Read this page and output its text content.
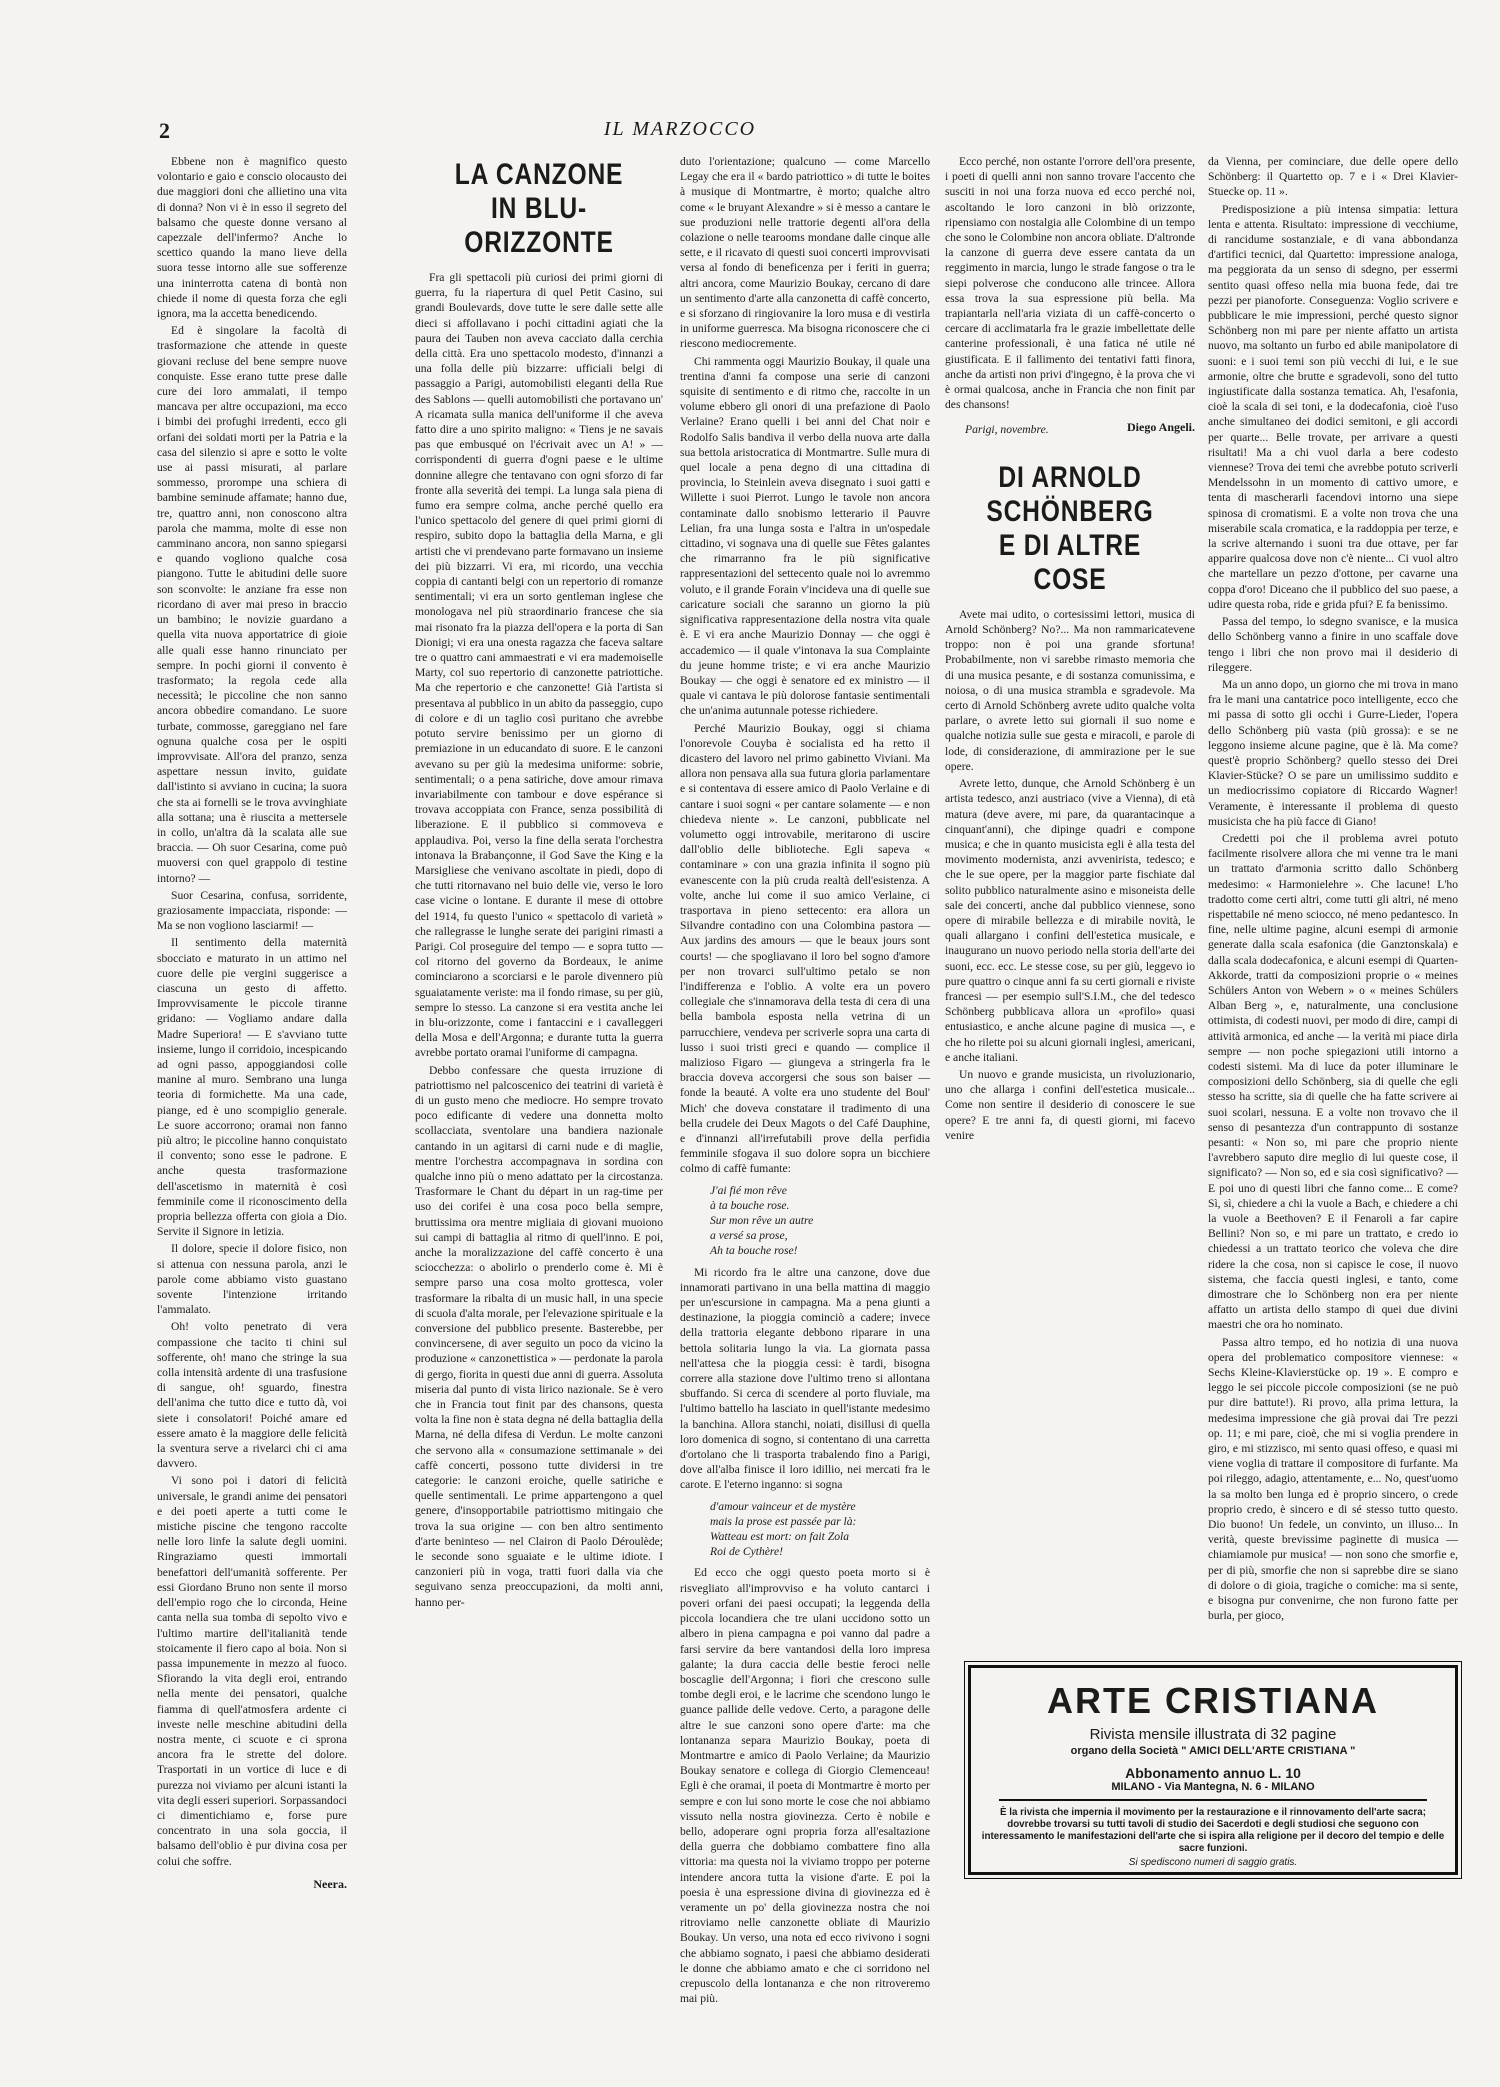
2	IL MARZOCCO

Ebbene non è magnifico questo volontario e gaio e conscio olocausto dei due maggiori doni che allietino una vita di donna? Non vi è in esso il segreto del balsamo che queste donne versano al capezzale dell'infermo? Anche lo scettico quando la mano lieve della suora tesse intorno alle sue sofferenze una ininterrotta catena di bontà non chiede il nome di questa forza che egli ignora, ma la accetta benedicendo.

Ed è singolare la facoltà di trasformazione che attende in queste giovani recluse del bene sempre nuove conquiste. Esse erano tutte prese dalle cure dei loro ammalati, il tempo mancava per altre occupazioni, ma ecco i bimbi dei profughi irredenti, ecco gli orfani dei soldati morti per la Patria e la casa del silenzio si apre e sotto le volte use ai passi misurati, al parlare sommesso, prorompe una schiera di bambine seminude affamate; hanno due, tre, quattro anni, non conoscono altra parola che mamma, molte di esse non camminano ancora, non sanno spiegarsi e quando vogliono qualche cosa piangono. Tutte le abitudini delle suore son sconvolte: le anziane fra esse non ricordano di aver mai preso in braccio un bambino; le novizie guardano a quella vita nuova apportatrice di gioie alle quali esse hanno rinunciato per sempre. In pochi giorni il convento è trasformato; la regola cede alla necessità; le piccoline che non sanno ancora obbedire comandano. Le suore turbate, commosse, gareggiano nel fare ognuna qualche cosa per le ospiti improvvisate. All'ora del pranzo, senza aspettare nessun invito, guidate dall'istinto si avviano in cucina; la suora che sta ai fornelli se le trova avvinghiate alla sottana; una è riuscita a mettersele in collo, un'altra dà la scalata alle sue braccia. — Oh suor Cesarina, come può muoversi con quel grappolo di testine intorno? —

Suor Cesarina, confusa, sorridente, graziosamente impacciata, risponde: — Ma se non vogliono lasciarmi! —

Il sentimento della maternità sbocciato e maturato in un attimo nel cuore delle pie vergini suggerisce a ciascuna un gesto di affetto. Improvvisamente le piccole tiranne gridano: — Vogliamo andare dalla Madre Superiora! — E s'avviano tutte insieme, lungo il corridoio, incespicando ad ogni passo, appoggiandosi colle manine al muro. Sembrano una lunga teoria di formichette. Ma una cade, piange, ed è uno scompiglio generale. Le suore accorrono; oramai non fanno più altro; le piccoline hanno conquistato il convento; sono esse le padrone. E anche questa trasformazione dell'ascetismo in maternità è così femminile come il riconoscimento della propria bellezza offerta con gioia a Dio. Servite il Signore in letizia.

Il dolore, specie il dolore fisico, non si attenua con nessuna parola, anzi le parole come abbiamo visto guastano sovente l'intenzione irritando l'ammalato.

Oh! volto penetrato di vera compassione che tacito ti chini sul sofferente, oh! mano che stringe la sua colla intensità ardente di una trasfusione di sangue, oh! sguardo, finestra dell'anima che tutto dice e tutto dà, voi siete i consolatori! Poiché amare ed essere amato è la maggiore delle felicità la sventura serve a rivelarci chi ci ama davvero.

Vi sono poi i datori di felicità universale, le grandi anime dei pensatori e dei poeti aperte a tutti come le mistiche piscine che tengono raccolte nelle loro linfe la salute degli uomini. Ringraziamo questi immortali benefattori dell'umanità sofferente. Per essi Giordano Bruno non sente il morso dell'empio rogo che lo circonda, Heine canta nella sua tomba di sepolto vivo e l'ultimo martire dell'italianità tende stoicamente il fiero capo al boia. Non si passa impunemente in mezzo al fuoco. Sfiorando la vita degli eroi, entrando nella mente dei pensatori, qualche fiamma di quell'atmosfera ardente ci investe nelle meschine abitudini della nostra mente, ci scuote e ci sprona ancora fra le strette del dolore. Trasportati in un vortice di luce e di purezza noi viviamo per alcuni istanti la vita degli esseri superiori. Sorpassandoci ci dimentichiamo e, forse pure concentrato in una sola goccia, il balsamo dell'oblio è pur divina cosa per colui che soffre.

Neera.
LA CANZONE
IN BLU-ORIZZONTE

Fra gli spettacoli più curiosi dei primi giorni di guerra, fu la riapertura di quel Petit Casino, sui grandi Boulevards, dove tutte le sere dalle sette alle dieci si affollavano i pochi cittadini agiati che la paura dei Tauben non aveva cacciato dalla cerchia della città. Era uno spettacolo modesto, d'innanzi a una folla delle più bizzarre: ufficiali belgi di passaggio a Parigi, automobilisti eleganti della Rue des Sablons — quelli automobilisti che portavano un' A ricamata sulla manica dell'uniforme il che aveva fatto dire a uno spirito maligno: « Tiens je ne savais pas que embusqué on l'écrivait avec un A! » — corrispondenti di guerra d'ogni paese e le ultime donnine allegre che tentavano con ogni sforzo di far fronte alla severità dei tempi. La lunga sala piena di fumo era sempre colma, anche perché quello era l'unico spettacolo del genere di quei primi giorni di respiro, subito dopo la battaglia della Marna, e gli artisti che vi prendevano parte formavano un insieme dei più bizzarri. Vi era, mi ricordo, una vecchia coppia di cantanti belgi con un repertorio di romanze sentimentali; vi era un sorto gentleman inglese che monologava nel più straordinario francese che sia mai risonato fra la piazza dell'opera e la porta di San Dionigi; vi era una onesta ragazza che faceva saltare tre o quattro cani ammaestrati e vi era mademoiselle Marty, col suo repertorio di canzonette patriottiche. Ma che repertorio e che canzonette! Già l'artista si presentava al pubblico in un abito da passeggio, cupo di colore e di un taglio così puritano che avrebbe potuto servire benissimo per un giorno di premiazione in un educandato di suore. E le canzoni avevano su per giù la medesima uniforme: sobrie, sentimentali; o a pena satiriche, dove amour rimava invariabilmente con tambour e dove espérance si trovava accoppiata con France, senza possibilità di liberazione. E il pubblico si commoveva e applaudiva. Poi, verso la fine della serata l'orchestra intonava la Brabançonne, il God Save the King e la Marsigliese che venivano ascoltate in piedi, dopo di che tutti ritornavano nel buio delle vie, verso le loro case vicine o lontane. E durante il mese di ottobre del 1914, fu questo l'unico « spettacolo di varietà » che rallegrasse le lunghe serate dei parigini rimasti a Parigi. Col proseguire del tempo — e sopra tutto — col ritorno del governo da Bordeaux, le anime cominciarono a scorciarsi e le parole divennero più sguaiatamente veriste: ma il fondo rimase, su per giù, sempre lo stesso. La canzone si era vestita anche lei in blu-orizzonte, come i fantaccini e i cavalleggeri della Mosa e dell'Argonna; e durante tutta la guerra avrebbe portato oramai l'uniforme di campagna.

Debbo confessare che questa irruzione di patriottismo nel palcoscenico dei teatrini di varietà è di un gusto meno che mediocre. Ho sempre trovato poco edificante di vedere una donnetta molto scollacciata, sventolare una bandiera nazionale cantando in un agitarsi di carni nude e di maglie, mentre l'orchestra accompagnava in sordina con qualche inno più o meno adattato per la circostanza. Trasformare le Chant du départ in un rag-time per uso dei corifei è una cosa poco bella sempre, bruttissima ora mentre migliaia di giovani muoiono sui campi di battaglia al ritmo di quell'inno. E poi, anche la moralizzazione del caffè concerto è una sciocchezza: o abolirlo o prenderlo come è. Mi è sempre parso una cosa molto grottesca, voler trasformare la ribalta di un music hall, in una specie di scuola d'alta morale, per l'elevazione spirituale e la conversione del pubblico presente. Basterebbe, per convincersene, di aver seguito un poco da vicino la produzione « canzonettistica » — perdonate la parola di gergo, fiorita in questi due anni di guerra. Assoluta miseria dal punto di vista lirico nazionale. Se è vero che in Francia tout finit par des chansons, questa volta la fine non è stata degna né della battaglia della Marna, né della difesa di Verdun. Le molte canzoni che servono alla « consumazione settimanale » dei caffè concerti, possono tutte dividersi in tre categorie: le canzoni eroiche, quelle satiriche e quelle sentimentali. Le prime appartengono a quel genere, d'insopportabile patriottismo mitingaio che trova la sua origine — con ben altro sentimento d'arte beninteso — nel Clairon di Paolo Déroulède; le seconde sono sguaiate e le ultime idiote. I canzonieri più in voga, tratti fuori dalla via che seguivano senza preoccupazioni, da molti anni, hanno per-

duto l'orientazione; qualcuno — come Marcello Legay che era il « bardo patriottico » di tutte le boites à musique di Montmartre, è morto; qualche altro come « le bruyant Alexandre » si è messo a cantare le sue produzioni nelle trattorie degenti all'ora della colazione o nelle tearooms mondane dalle cinque alle sette, e il ricavato di questi suoi concerti improvvisati versa al fondo di beneficenza per i feriti in guerra; altri ancora, come Maurizio Boukay, cercano di dare un sentimento d'arte alla canzonetta di caffè concerto, e si sforzano di ringiovanire la loro musa e di vestirla in uniforme guerresca. Ma bisogna riconoscere che ci riescono mediocremente.

Chi rammenta oggi Maurizio Boukay, il quale una trentina d'anni fa compose una serie di canzoni squisite di sentimento e di ritmo che, raccolte in un volume ebbero gli onori di una prefazione di Paolo Verlaine? Erano quelli i bei anni del Chat noir e Rodolfo Salis bandiva il verbo della nuova arte dalla sua bettola aristocratica di Montmartre. Sulle mura di quel locale a pena degno di una cittadina di provincia, lo Steinlein aveva disegnato i suoi gatti e Willette i suoi Pierrot. Lungo le tavole non ancora contaminate dallo snobismo letterario il Pauvre Lelian, fra una lunga sosta e l'altra in un'ospedale cittadino, vi sognava una di quelle sue Fêtes galantes che rimarranno fra le più significative rappresentazioni del settecento quale noi lo avremmo voluto, e il grande Forain v'incideva una di quelle sue caricature sociali che saranno un giorno la più significativa rappresentazione della nostra vita quale è. E vi era anche Maurizio Donnay — che oggi è accademico — il quale v'intonava la sua Complainte du jeune homme triste; e vi era anche Maurizio Boukay — che oggi è senatore ed ex ministro — il quale vi cantava le più dolorose fantasie sentimentali che un'anima autunnale potesse richiedere.

Perché Maurizio Boukay, oggi si chiama l'onorevole Couyba è socialista ed ha retto il dicastero del lavoro nel primo gabinetto Viviani. Ma allora non pensava alla sua futura gloria parlamentare e si contentava di essere amico di Paolo Verlaine e di cantare i suoi sogni « per cantare solamente — e non chiedeva niente ». Le canzoni, pubblicate nel volumetto oggi introvabile, meritarono di uscire dall'oblio delle biblioteche. Egli sapeva « contaminare » con una grazia infinita il sogno più evanescente con la più cruda realtà dell'esistenza. A volte, anche lui come il suo amico Verlaine, ci trasportava in pieno settecento: era allora un Silvandre contadino con una Colombina pastora — Aux jardins des amours — que le beaux jours sont courts! — che spogliavano il loro bel sogno d'amore per non trovarci sull'ultimo petalo se non l'indifferenza e l'oblio. A volte era un povero collegiale che s'innamorava della testa di cera di una bella bambola esposta nella vetrina di un parrucchiere, vendeva per scriverle sopra una carta di lusso i suoi tristi greci e quando — complice il malizioso Figaro — giungeva a stringerla fra le braccia doveva accorgersi che sous son baiser — fonde la beauté. A volte era uno studente del Boul' Mich' che doveva constatare il tradimento di una bella crudele dei Deux Magots o del Café Dauphine, e d'innanzi all'irrefutabili prove della perfidia femminile sfogava il suo dolore sopra un bicchiere colmo di caffè fumante:

J'ai fié mon rêve
à ta bouche rose.
Sur mon rêve un autre
a versé sa prose,
Ah ta bouche rose!

Mi ricordo fra le altre una canzone, dove due innamorati partivano in una bella mattina di maggio per un'escursione in campagna. Ma a pena giunti a destinazione, la pioggia cominciò a cadere; invece della trattoria elegante debbono riparare in una bettola solitaria lungo la via. La giornata passa nell'attesa che la pioggia cessi: è tardi, bisogna correre alla stazione dove l'ultimo treno si allontana sbuffando. Si cerca di scendere al porto fluviale, ma l'ultimo battello ha lasciato in quell'istante medesimo la banchina. Allora stanchi, noiati, disillusi di quella loro domenica di sogno, si contentano di una carretta d'ortolano che li trasporta trabalendo fino a Parigi, dove all'alba finisce il loro idillio, nei mercati fra le carote. E l'eterno inganno: si sogna

d'amour vainceur et de mystère
mais la prose est passée par là:
Watteau est mort: on fait Zola
Roi de Cythère!

Ed ecco che oggi questo poeta morto si è risvegliato all'improvviso e ha voluto cantarci i poveri orfani dei paesi occupati; la leggenda della piccola locandiera che tre ulani uccidono sotto un albero in piena campagna e poi vanno dal padre a farsi servire da bere vantandosi della loro impresa galante; la dura caccia delle bestie feroci nelle boscaglie dell'Argonna; i fiori che crescono sulle tombe degli eroi, e le lacrime che scendono lungo le guance pallide delle vedove. Certo, a paragone delle altre le sue canzoni sono opere d'arte: ma che lontananza separa Maurizio Boukay, poeta di Montmartre e amico di Paolo Verlaine; da Maurizio Boukay senatore e collega di Giorgio Clemenceau! Egli è che oramai, il poeta di Montmartre è morto per sempre e con lui sono morte le cose che noi abbiamo vissuto nella nostra giovinezza. Certo è nobile e bello, adoperare ogni propria forza all'esaltazione della guerra che dobbiamo combattere fino alla vittoria: ma questa noi la viviamo troppo per poterne intendere ancora tutta la visione d'arte. E poi la poesia è una espressione divina di giovinezza ed è veramente un po' della giovinezza nostra che noi ritroviamo nelle canzonette obliate di Maurizio Boukay. Un verso, una nota ed ecco rivivono i sogni che abbiamo sognato, i paesi che abbiamo desiderati le donne che abbiamo amato e che ci sorridono nel crepuscolo della lontananza e che non ritroveremo mai più.

Ecco perché, non ostante l'orrore dell'ora presente, i poeti di quelli anni non sanno trovare l'accento che susciti in noi una forza nuova ed ecco perché noi, ascoltando le loro canzoni in blò orizzonte, ripensiamo con nostalgia alle Colombine di un tempo che sono le Colombine non ancora obliate. D'altronde la canzone di guerra deve essere cantata da un reggimento in marcia, lungo le strade fangose o tra le siepi polverose che conducono alle trincee. Allora essa trova la sua espressione più bella. Ma trapiantarla nell'aria viziata di un caffè-concerto o cercare di acclimatarla fra le grazie imbellettate delle canterine professionali, è una fatica né utile né giustificata. E il fallimento dei tentativi fatti finora, anche da artisti non privi d'ingegno, è la prova che vi è ormai qualcosa, anche in Francia che non finit par des chansons!

Diego Angeli.
Parigi, novembre.
DI ARNOLD SCHÖNBERG
E DI ALTRE COSE

Avete mai udito, o cortesissimi lettori, musica di Arnold Schönberg? No?... Ma non rammaricatevene troppo: non è poi una grande sfortuna! Probabilmente, non vi sarebbe rimasto memoria che di una musica pesante, e di sostanza comunissima, e noiosa, o di una musica strambla e sgradevole. Ma certo di Arnold Schönberg avrete udito qualche volta parlare, o avrete letto sui giornali il suo nome e qualche notizia sulle sue gesta e miracoli, e parole di lode, di considerazione, di ammirazione per le sue opere.

Avrete letto, dunque, che Arnold Schönberg è un artista tedesco, anzi austriaco (vive a Vienna), di età matura (deve avere, mi pare, da quarantacinque a cinquant'anni), che dipinge quadri e compone musica; e che in quanto musicista egli è alla testa del movimento modernista, anzi avvenirista, tedesco; e che le sue opere, per la maggior parte fischiate dal solito pubblico naturalmente asino e misoneista delle sale dei concerti, anche dal pubblico viennese, sono opere di mirabile bellezza e di mirabile novità, le quali allargano i confini dell'estetica musicale, e inaugurano un nuovo periodo nella storia dell'arte dei suoni, ecc. ecc. Le stesse cose, su per giù, leggevo io pure quattro o cinque anni fa su certi giornali e riviste francesi — per esempio sull'S.I.M., che del tedesco Schönberg pubblicava allora un «profilo» quasi entusiastico, e anche alcune pagine di musica —, e che ho rilette poi su alcuni giornali inglesi, americani, e anche italiani.

Un nuovo e grande musicista, un rivoluzionario, uno che allarga i confini dell'estetica musicale... Come non sentire il desiderio di conoscere le sue opere? E tre anni fa, di questi giorni, mi facevo venire

da Vienna, per cominciare, due delle opere dello Schönberg: il Quartetto op. 7 e i « Drei Klavier-Stuecke op. 11 ».

Predisposizione a più intensa simpatia: lettura lenta e attenta. Risultato: impressione di vecchiume, di rancidume sostanziale, e di vana abbondanza d'artifici tecnici, dal Quartetto: impressione analoga, ma peggiorata da un senso di sdegno, per essermi sentito quasi offeso nella mia buona fede, dai tre pezzi per pianoforte. Conseguenza: Voglio scrivere e pubblicare le mie impressioni, perché questo signor Schönberg non mi pare per niente affatto un artista nuovo, ma soltanto un furbo ed abile manipolatore di suoni: e i suoi temi son più vecchi di lui, e le sue armonie, oltre che brutte e sgradevoli, sono del tutto ingiustificate dalla sostanza tematica. Ah, l'esafonia, cioè la scala di sei toni, e la dodecafonia, cioè l'uso anche simultaneo dei dodici semitoni, e gli accordi per quarte... Belle trovate, per arrivare a questi risultati! Ma a chi vuol darla a bere codesto viennese? Trova dei temi che avrebbe potuto scriverli Mendelssohn in un momento di cattivo umore, e tenta di mascherarli facendovi intorno una siepe spinosa di cromatismi. E a volte non trova che una miserabile scala cromatica, e la raddoppia per terze, e la scrive alternando i suoni tra due ottave, per far apparire qualcosa dove non c'è niente... Ci vuol altro che martellare un pezzo d'ottone, per cavarne una coppa d'oro! Diceano che il pubblico del suo paese, a udire questa roba, ride e grida pfui? E fa benissimo.

Passa del tempo, lo sdegno svanisce, e la musica dello Schönberg vanno a finire in uno scaffale dove tengo i libri che non provo mai il desiderio di rileggere.

Ma un anno dopo, un giorno che mi trova in mano fra le mani una cantatrice poco intelligente, ecco che mi passa di sotto gli occhi i Gurre-Lieder, l'opera dello Schönberg più vasta (più grossa): e se ne leggono insieme alcune pagine, que è là. Ma come? quest'è proprio Schönberg? quello stesso dei Drei Klavier-Stücke? O se pare un umilissimo suddito e un mediocrissimo copiatore di Riccardo Wagner! Veramente, è interessante il problema di questo musicista che ha più facce di Giano!

Credetti poi che il problema avrei potuto facilmente risolvere allora che mi venne tra le mani un trattato d'armonia scritto dallo Schönberg medesimo: « Harmonielehre ». Che lacune! L'ho tradotto come certi altri, come tutti gli altri, né meno rispettabile né meno sciocco, né meno pedantesco. In fine, nelle ultime pagine, alcuni esempi di armonie generate dalla scala esafonica (die Ganztonskala) e dalla scala dodecafonica, e alcuni esempi di Quarten-Akkorde, tratti da composizioni proprie o « meines Schülers Anton von Webern » o « meines Schülers Alban Berg », e, naturalmente, una conclusione ottimista, di codesti nuovi, per modo di dire, campi di attività armonica, ed anche — la verità mi piace dirla sempre — non poche spiegazioni utili intorno a codesti sistemi. Ma di luce da poter illuminare le composizioni dello Schönberg, sia di quelle che egli stesso ha scritte, sia di quelle che ha fatte scrivere ai suoi scolari, nessuna. E a volte non trovavo che il senso di pesantezza d'un contrappunto di sostanze pesanti: « Non so, mi pare che proprio niente l'avrebbero saputo dire meglio di lui queste cose, il significato? — Non so, ed e sia così significativo? — E poi uno di questi libri che fanno come... E come? Sì, sì, chiedere a chi la vuole a Bach, e chiedere a chi la vuole a Beethoven? E il Fenaroli a far capire Bellini? Non so, e mi pare un trattato, e credo io chiedessi a un trattato teorico che voleva che dire ridere la che cosa, non si capisce le cose, il nuovo sistema, che faccia questi inglesi, e tanto, come dimostrare che lo Schönberg non era per niente affatto un artista dello stampo di quei due divini maestri che ora ho nominato.

Passa altro tempo, ed ho notizia di una nuova opera del problematico compositore viennese: « Sechs Kleine-Klavierstücke op. 19 ». E compro e leggo le sei piccole piccole composizioni (se ne può pur dire battute!). Ri provo, alla prima lettura, la medesima impressione che già provai dai Tre pezzi op. 11; e mi pare, cioè, che mi si voglia prendere in giro, e mi stizzisco, mi sento quasi offeso, e quasi mi viene voglia di trattare il compositore di furfante. Ma poi rileggo, adagio, attentamente, e... No, quest'uomo la sa molto ben lunga ed è proprio sincero, o crede proprio credo, è sincero e di sé stesso tutto questo. Dio buono! Un fedele, un convinto, un illuso... In verità, queste brevissime paginette di musica — chiamiamole pur musica! — non sono che smorfie e, per di più, smorfie che non si saprebbe dire se siano di dolore o di gioia, tragiche o comiche: ma si sente, e bisogna pur convenirne, che non furono fatte per burla, per gioco,

ARTE CRISTIANA
Rivista mensile illustrata di 32 pagine
organo della Società " AMICI DELL'ARTE CRISTIANA "
Abbonamento annuo L. 10
MILANO - Via Mantegna, N. 6 - MILANO
È la rivista che impernia il movimento per la restaurazione e il rinnovamento dell'arte sacra; dovrebbe trovarsi su tutti tavoli di studio dei Sacerdoti e degli studiosi che seguono con interessamento le manifestazioni dell'arte che si ispira alla religione per il decoro del tempio e delle sacre funzioni.
Si spediscono numeri di saggio gratis.
